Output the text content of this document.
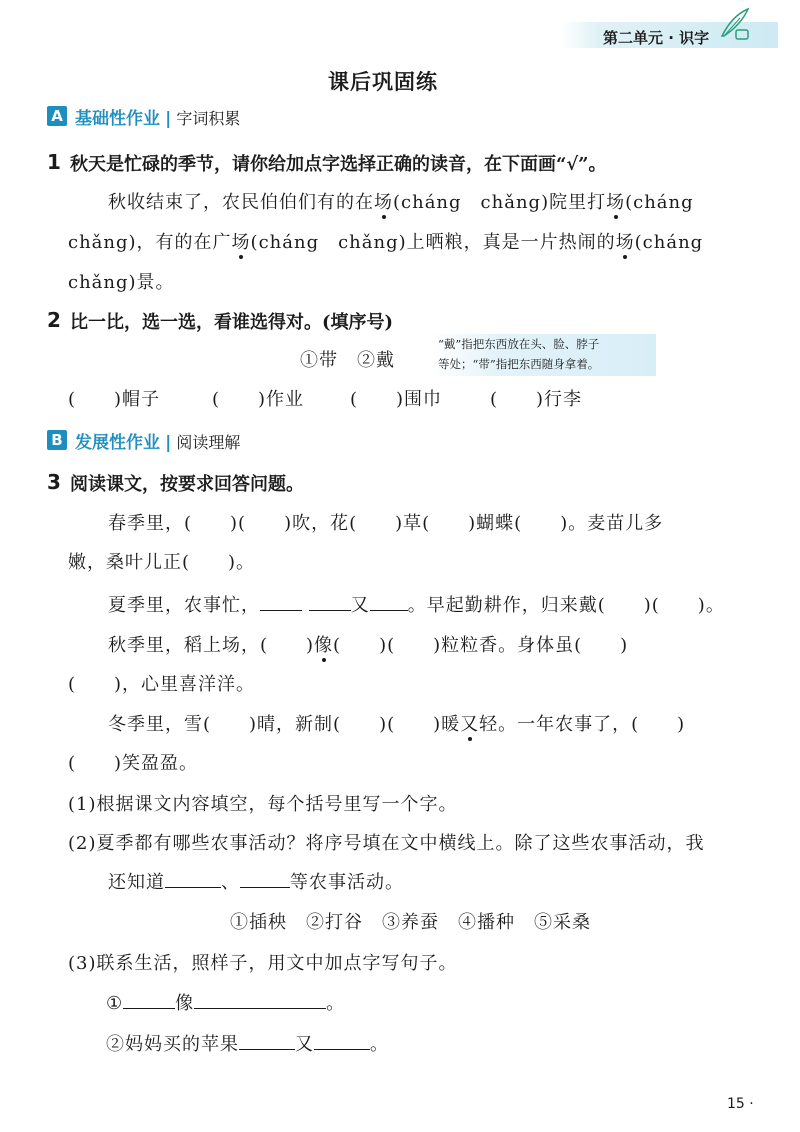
第二单元 · 识字
课后巩固练
A 基础性作业 | 字词积累
1 秋天是忙碌的季节，请你给加点字选择正确的读音，在下面画“√”。
秋收结束了，农民伯伯们有的在场(cháng　chǎng)院里打场(cháng
chǎng)，有的在广场(cháng　chǎng)上晒粮，真是一片热闹的场(cháng
chǎng)景。
2 比一比，选一选，看谁选得对。(填序号)
①带　②戴
“戴”指把东西放在头、脸、脖子
等处；“带”指把东西随身拿着。
(　　)帽子	(　　)作业	(　　)围巾	(　　)行李
B 发展性作业 | 阅读理解
3 阅读课文，按要求回答问题。
春季里，(　　)(　　)吹，花(　　)草(　　)蝴蝶(　　)。麦苗儿多
嫩，桑叶儿正(　　)。
夏季里，农事忙，	又 。早起勤耕作，归来戴(　　)(　　)。
秋季里，稻上场，(　　)像(　　)(　　)粒粒香。身体虽(　　)
(　　)，心里喜洋洋。
冬季里，雪(　　)晴，新制(　　)(　　)暖又轻。一年农事了，(　　)
(　　)笑盈盈。
(1)根据课文内容填空，每个括号里写一个字。
(2)夏季都有哪些农事活动？将序号填在文中横线上。除了这些农事活动，我
还知道	、	等农事活动。
①插秧　②打谷　③养蚕　④播种　⑤采桑
(3)联系生活，照样子，用文中加点字写句子。
①	像	。
②妈妈买的苹果	又	。
15 ·
